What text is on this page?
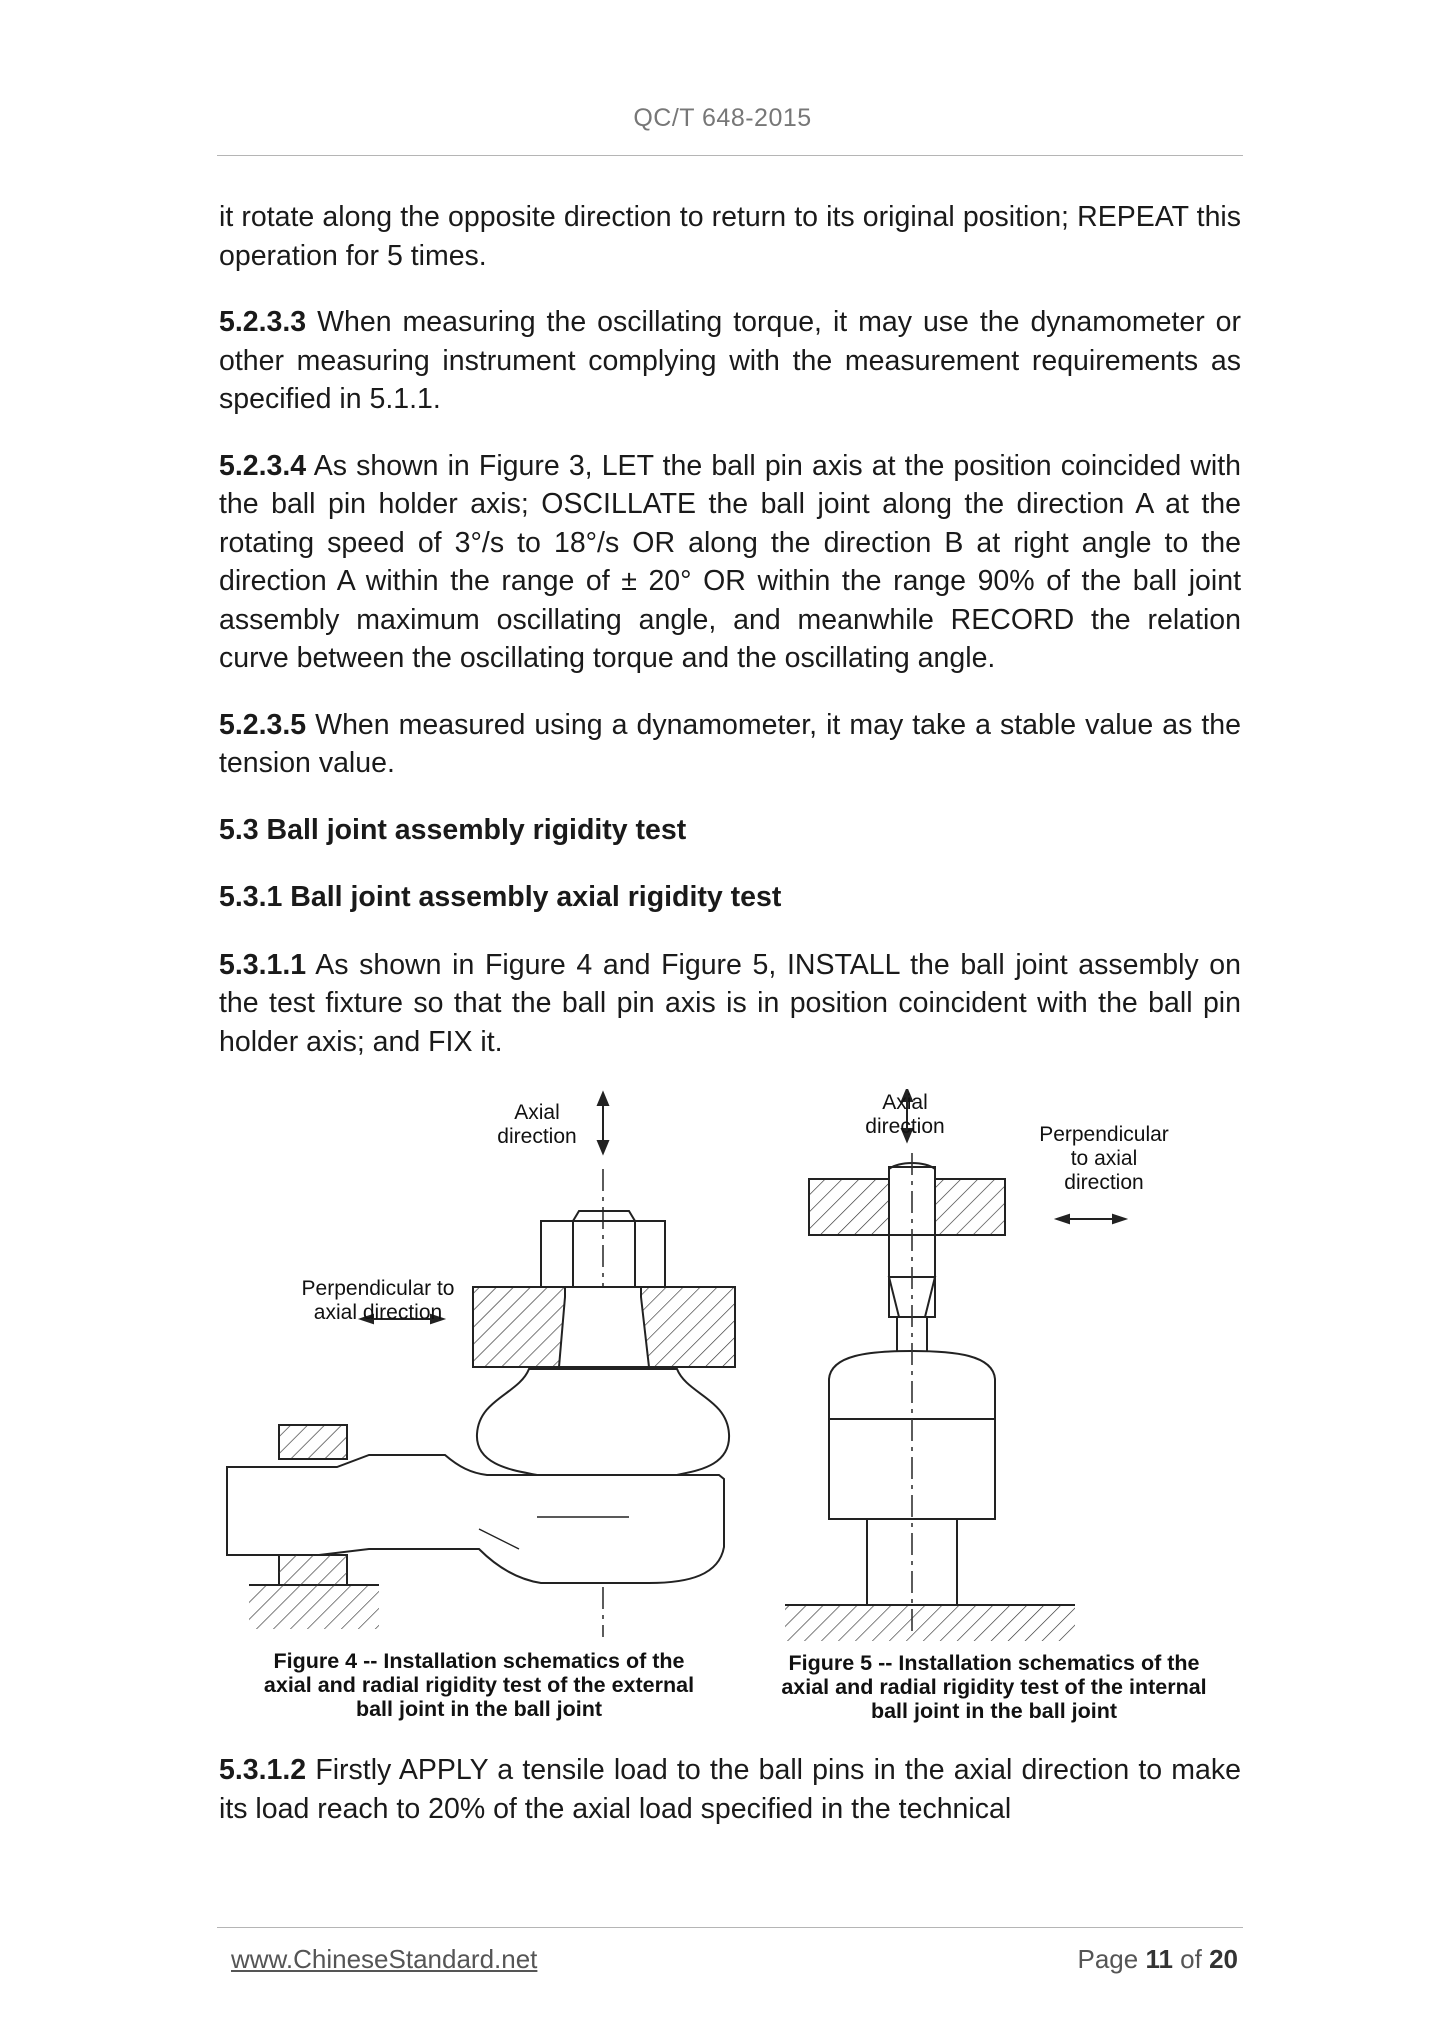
QC/T 648-2015

it rotate along the opposite direction to return to its original position; REPEAT this operation for 5 times.

5.2.3.3 When measuring the oscillating torque, it may use the dynamometer or other measuring instrument complying with the measurement requirements as specified in 5.1.1.

5.2.3.4 As shown in Figure 3, LET the ball pin axis at the position coincided with the ball pin holder axis; OSCILLATE the ball joint along the direction A at the rotating speed of 3°/s to 18°/s OR along the direction B at right angle to the direction A within the range of ± 20° OR within the range 90% of the ball joint assembly maximum oscillating angle, and meanwhile RECORD the relation curve between the oscillating torque and the oscillating angle.

5.2.3.5 When measured using a dynamometer, it may take a stable value as the tension value.

5.3 Ball joint assembly rigidity test
5.3.1 Ball joint assembly axial rigidity test

5.3.1.1 As shown in Figure 4 and Figure 5, INSTALL the ball joint assembly on the test fixture so that the ball pin axis is in position coincident with the ball pin holder axis; and FIX it.

Axial
direction
Perpendicular to
axial direction
Figure 4 -- Installation schematics of the axial and radial rigidity test of the external ball joint in the ball joint
Axial
direction	Perpendicular
to axial
direction
Figure 5 -- Installation schematics of the axial and radial rigidity test of the internal ball joint in the ball joint

5.3.1.2 Firstly APPLY a tensile load to the ball pins in the axial direction to make its load reach to 20% of the axial load specified in the technical

www.ChineseStandard.net	Page 11 of 20
